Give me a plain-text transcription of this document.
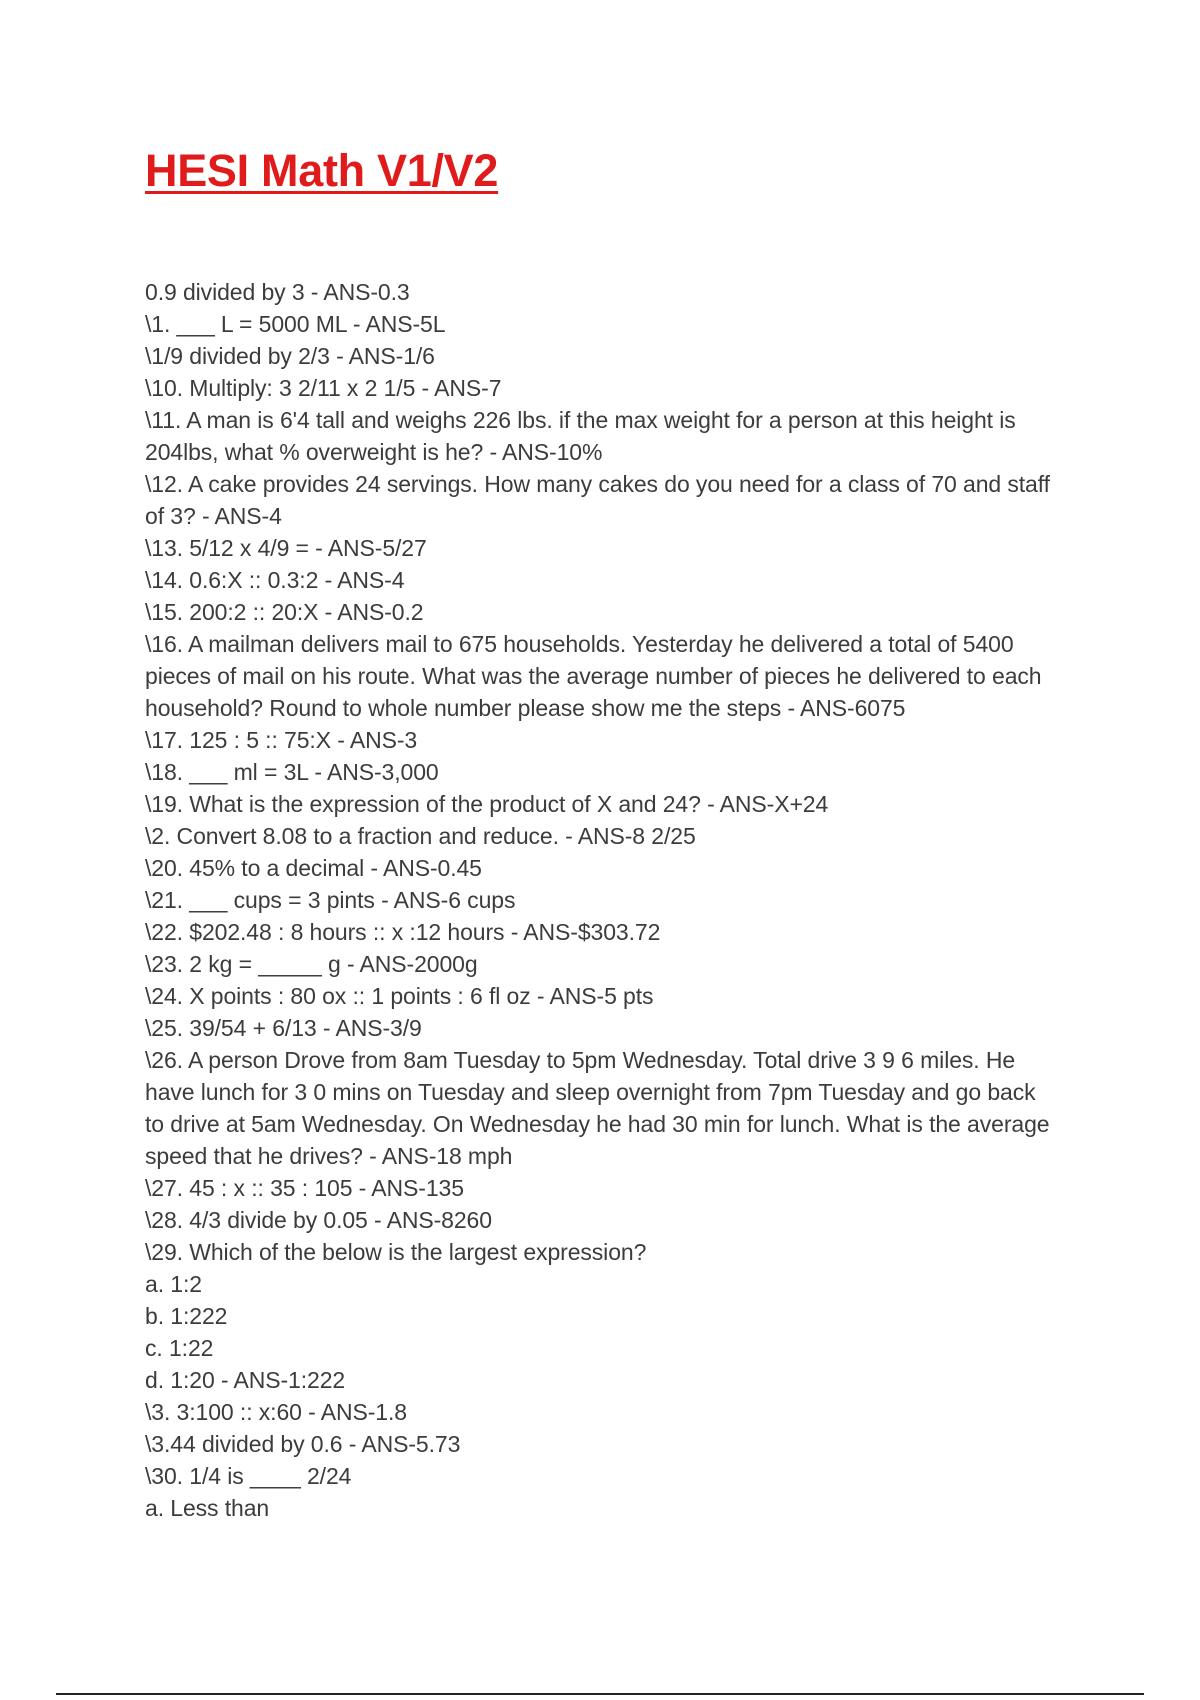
HESI Math V1/V2

0.9 divided by 3 - ANS-0.3

\1. ___ L = 5000 ML - ANS-5L

\1/9 divided by 2/3 - ANS-1/6

\10. Multiply: 3 2/11 x 2 1/5 - ANS-7

\11. A man is 6'4 tall and weighs 226 lbs. if the max weight for a person at this height is 204lbs, what % overweight is he? - ANS-10%

\12. A cake provides 24 servings. How many cakes do you need for a class of 70 and staff of 3? - ANS-4

\13. 5/12 x 4/9 = - ANS-5/27

\14. 0.6:X :: 0.3:2 - ANS-4

\15. 200:2 :: 20:X - ANS-0.2

\16. A mailman delivers mail to 675 households. Yesterday he delivered a total of 5400 pieces of mail on his route. What was the average number of pieces he delivered to each household? Round to whole number please show me the steps - ANS-6075

\17. 125 : 5 :: 75:X - ANS-3

\18. ___ ml = 3L - ANS-3,000

\19. What is the expression of the product of X and 24? - ANS-X+24

\2. Convert 8.08 to a fraction and reduce. - ANS-8 2/25

\20. 45% to a decimal - ANS-0.45

\21. ___ cups = 3 pints - ANS-6 cups

\22. $202.48 : 8 hours :: x :12 hours - ANS-$303.72

\23. 2 kg = _____ g - ANS-2000g

\24. X points : 80 ox :: 1 points : 6 fl oz - ANS-5 pts

\25. 39/54 + 6/13 - ANS-3/9

\26. A person Drove from 8am Tuesday to 5pm Wednesday. Total drive 3 9 6 miles. He have lunch for 3 0 mins on Tuesday and sleep overnight from 7pm Tuesday and go back to drive at 5am Wednesday. On Wednesday he had 30 min for lunch. What is the average speed that he drives? - ANS-18 mph

\27. 45 : x :: 35 : 105 - ANS-135

\28. 4/3 divide by 0.05 - ANS-8260

\29. Which of the below is the largest expression?

a. 1:2

b. 1:222

c. 1:22

d. 1:20 - ANS-1:222

\3. 3:100 :: x:60 - ANS-1.8

\3.44 divided by 0.6 - ANS-5.73

\30. 1/4 is ____ 2/24

a. Less than
